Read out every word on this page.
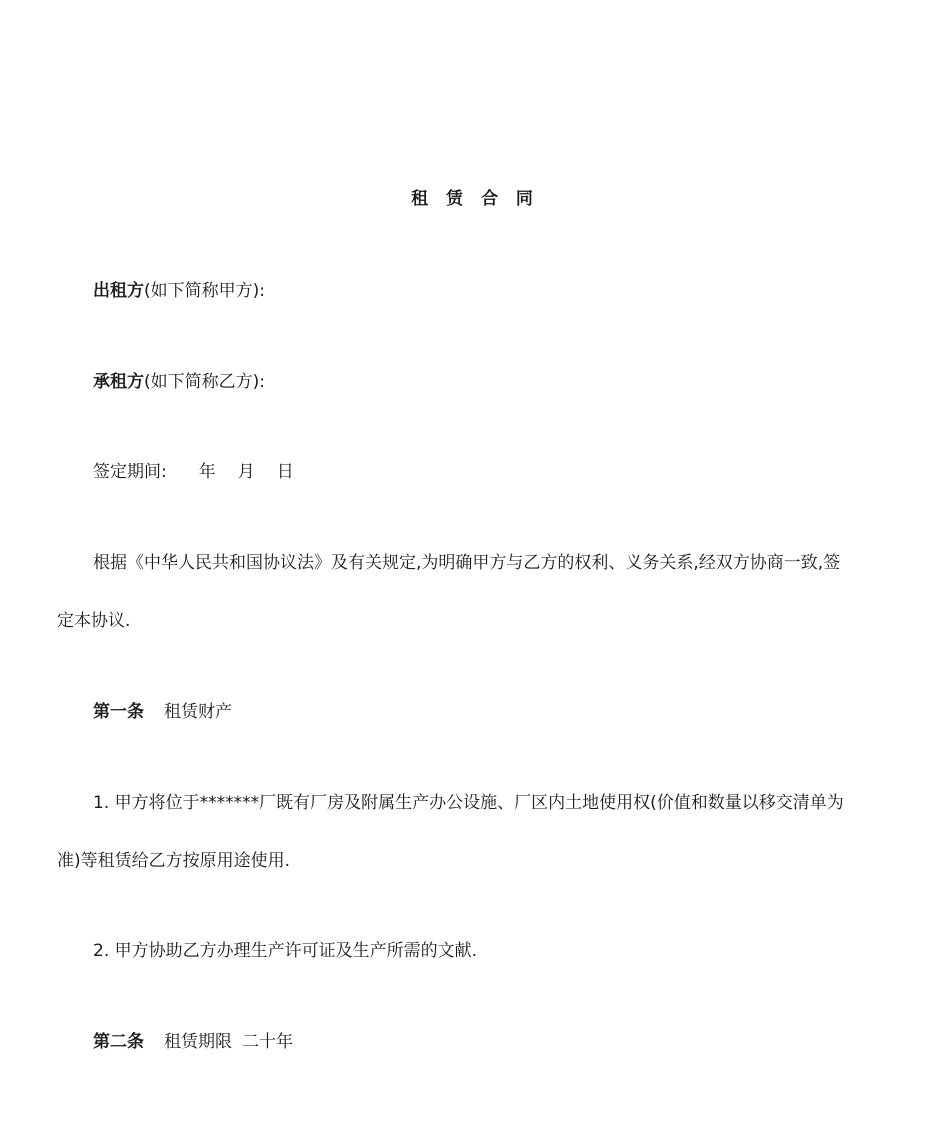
租 赁 合 同
出租方(如下简称甲方):
承租方(如下简称乙方):
签定期间: 年 月 日
根据《中华人民共和国协议法》及有关规定,为明确甲方与乙方的权利、义务关系,经双方协商一致,签
定本协议.
第一条 租赁财产
1. 甲方将位于*******厂既有厂房及附属生产办公设施、厂区内土地使用权(价值和数量以移交清单为
准)等租赁给乙方按原用途使用.
2. 甲方协助乙方办理生产许可证及生产所需的文献.
第二条 租赁期限 二十年
